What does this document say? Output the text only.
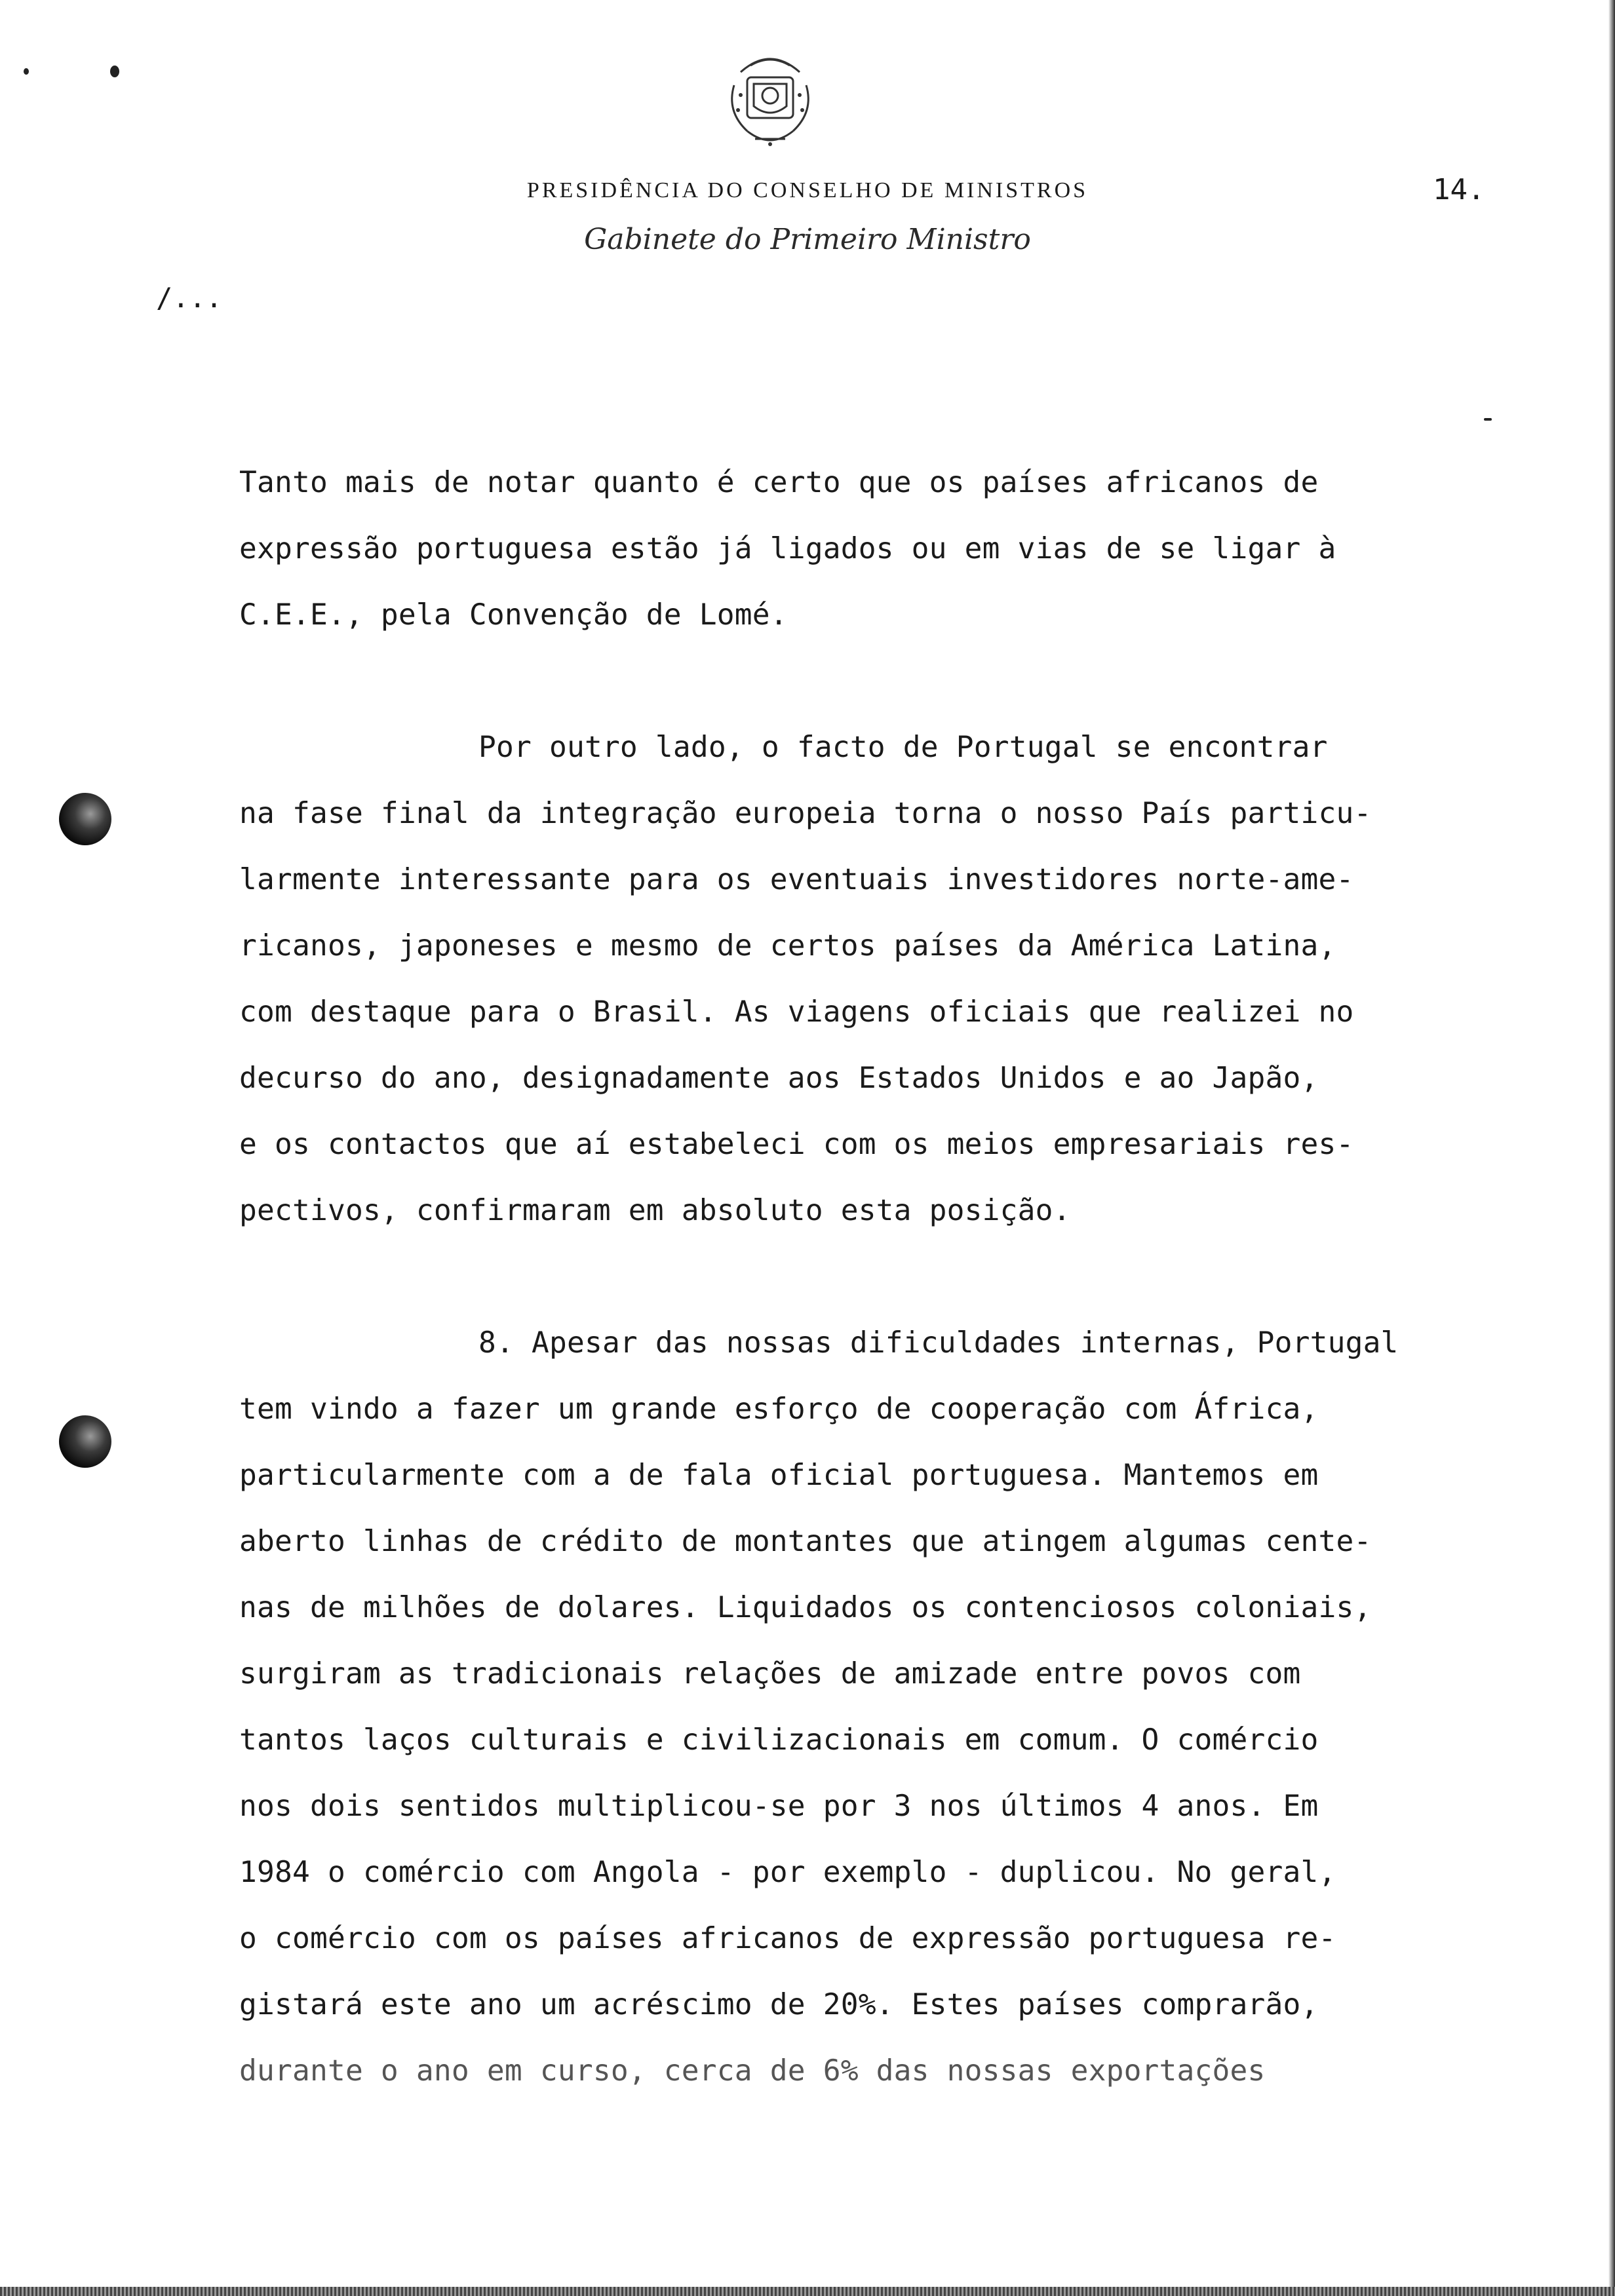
PRESIDÊNCIA DO CONSELHO DE MINISTROS
Gabinete do Primeiro Ministro
14.
/...

Tanto mais de notar quanto é certo que os países africanos de
expressão portuguesa estão já ligados ou em vias de se ligar à
C.E.E., pela Convenção de Lomé.

Por outro lado, o facto de Portugal se encontrar
na fase final da integração europeia torna o nosso País particu-
larmente interessante para os eventuais investidores norte-ame-
ricanos, japoneses e mesmo de certos países da América Latina,
com destaque para o Brasil. As viagens oficiais que realizei no
decurso do ano, designadamente aos Estados Unidos e ao Japão,
e os contactos que aí estabeleci com os meios empresariais res-
pectivos, confirmaram em absoluto esta posição.

8. Apesar das nossas dificuldades internas, Portugal
tem vindo a fazer um grande esforço de cooperação com África,
particularmente com a de fala oficial portuguesa. Mantemos em
aberto linhas de crédito de montantes que atingem algumas cente-
nas de milhões de dolares. Liquidados os contenciosos coloniais,
surgiram as tradicionais relações de amizade entre povos com
tantos laços culturais e civilizacionais em comum. O comércio
nos dois sentidos multiplicou-se por 3 nos últimos 4 anos. Em
1984 o comércio com Angola - por exemplo - duplicou. No geral,
o comércio com os países africanos de expressão portuguesa re-
gistará este ano um acréscimo de 20%. Estes países comprarão,
durante o ano em curso, cerca de 6% das nossas exportações
